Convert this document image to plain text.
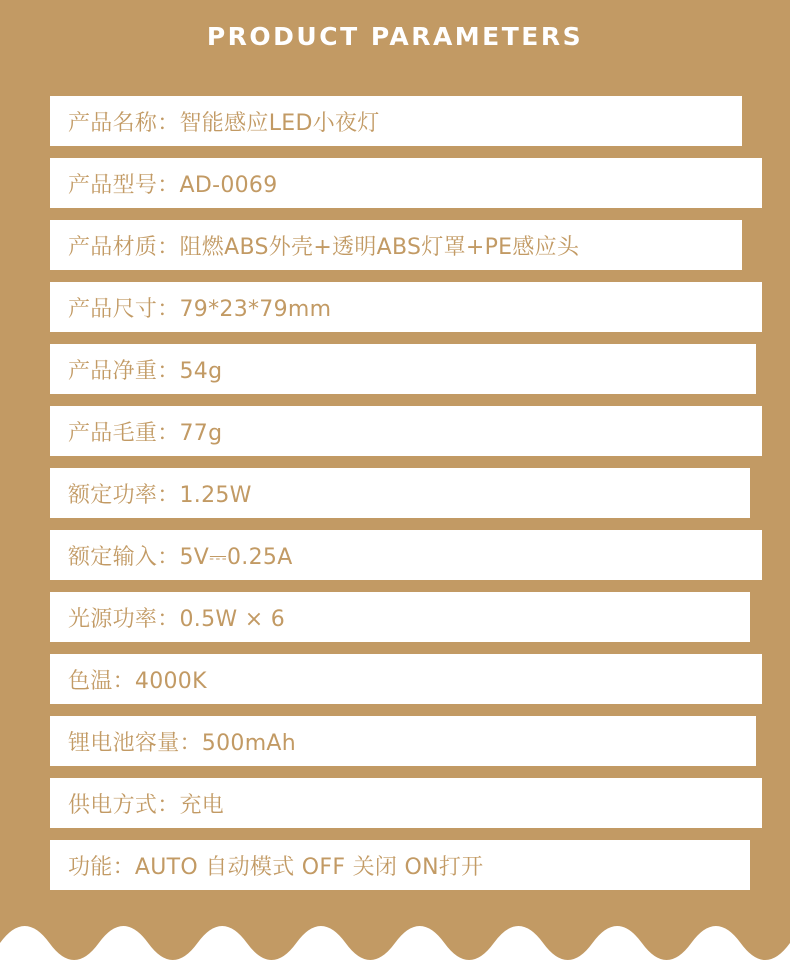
PRODUCT PARAMETERS
产品名称：智能感应LED小夜灯
产品型号：AD-0069
产品材质：阻燃ABS外壳+透明ABS灯罩+PE感应头
产品尺寸：79*23*79mm
产品净重：54g
产品毛重：77g
额定功率：1.25W
额定输入：5V⎓0.25A
光源功率：0.5W × 6
色温：4000K
锂电池容量：500mAh
供电方式：充电
功能：AUTO 自动模式 OFF 关闭 ON打开
